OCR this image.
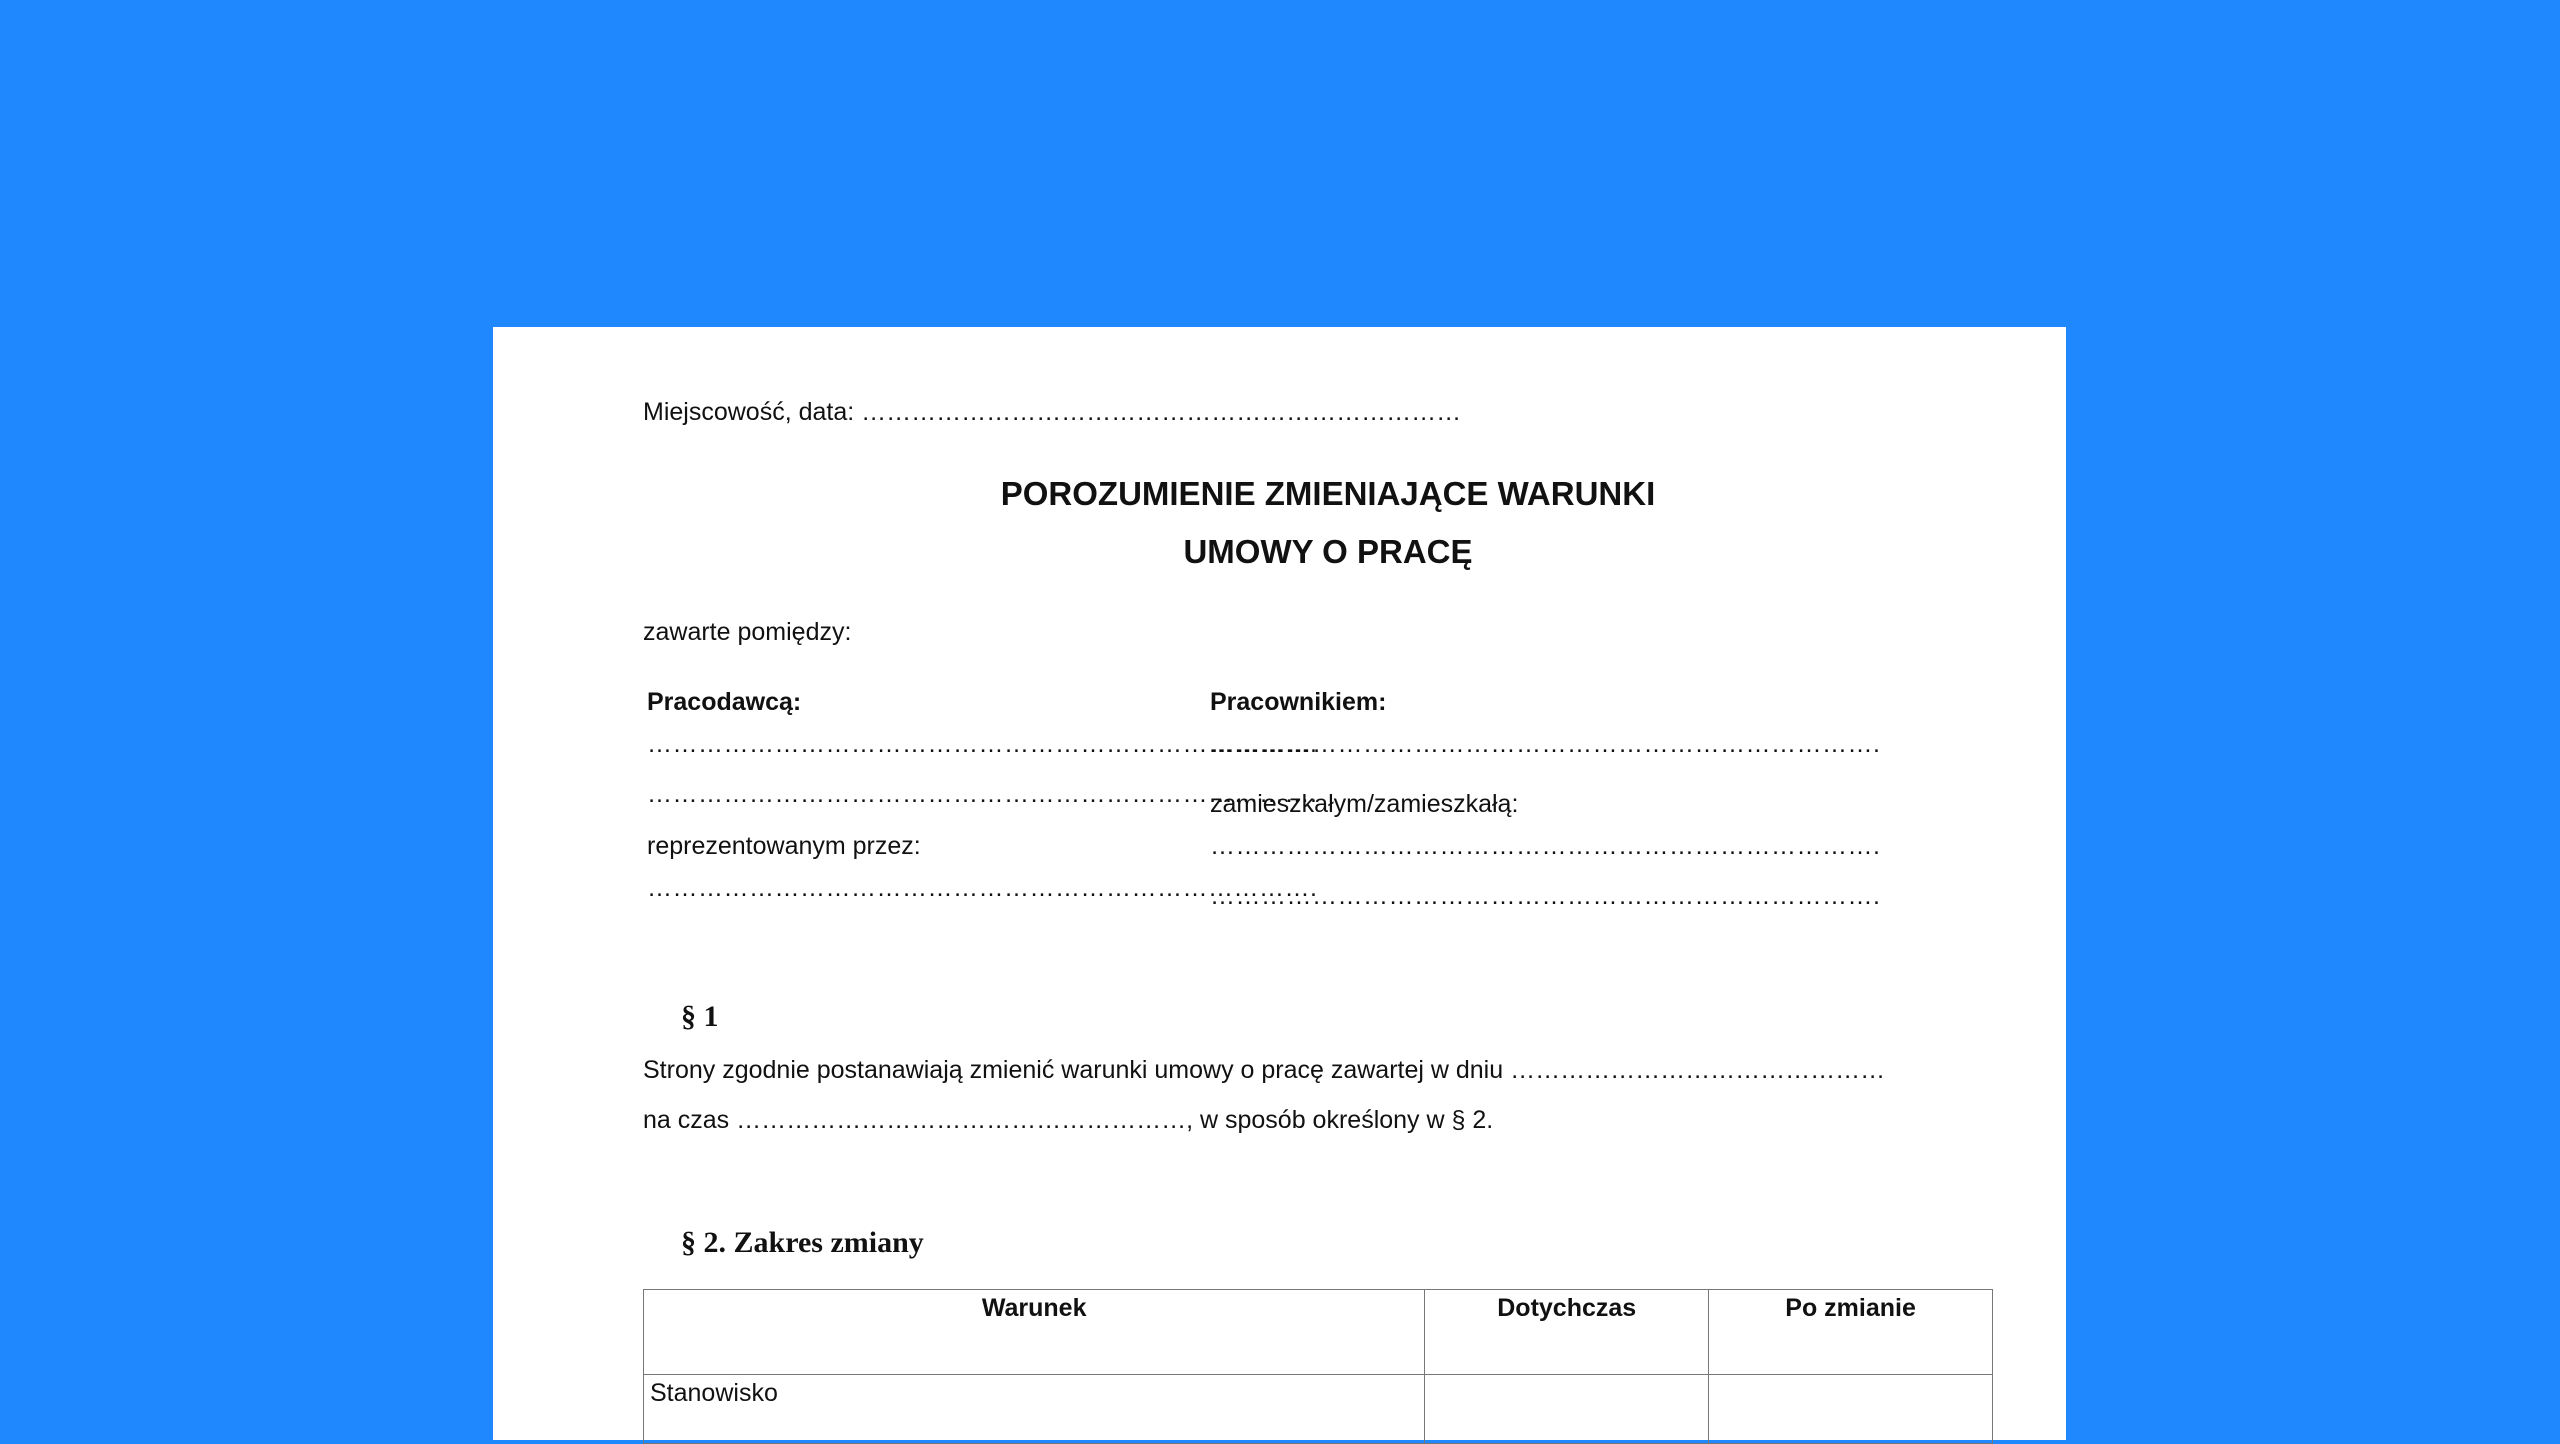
Miejscowość, data: ………………………………………………………………

POROZUMIENIE ZMIENIAJĄCE WARUNKI
UMOWY O PRACĘ

zawarte pomiędzy:

Pracodawcą:

…………………………………………………………………….

…………………………………………………………………….

reprezentowanym przez:

…………………………………………………………………….

Pracownikiem:

…………………………………………………………………….

zamieszkałym/zamieszkałą:

…………………………………………………………………….

…………………………………………………………………….

§ 1

Strony zgodnie postanawiają zmienić warunki umowy o pracę zawartej w dniu ……………………………………… na czas ………………………………………………, w sposób określony w § 2.

§ 2. Zakres zmiany

Warunek	Dotychczas	Po zmianie
Stanowisko		
